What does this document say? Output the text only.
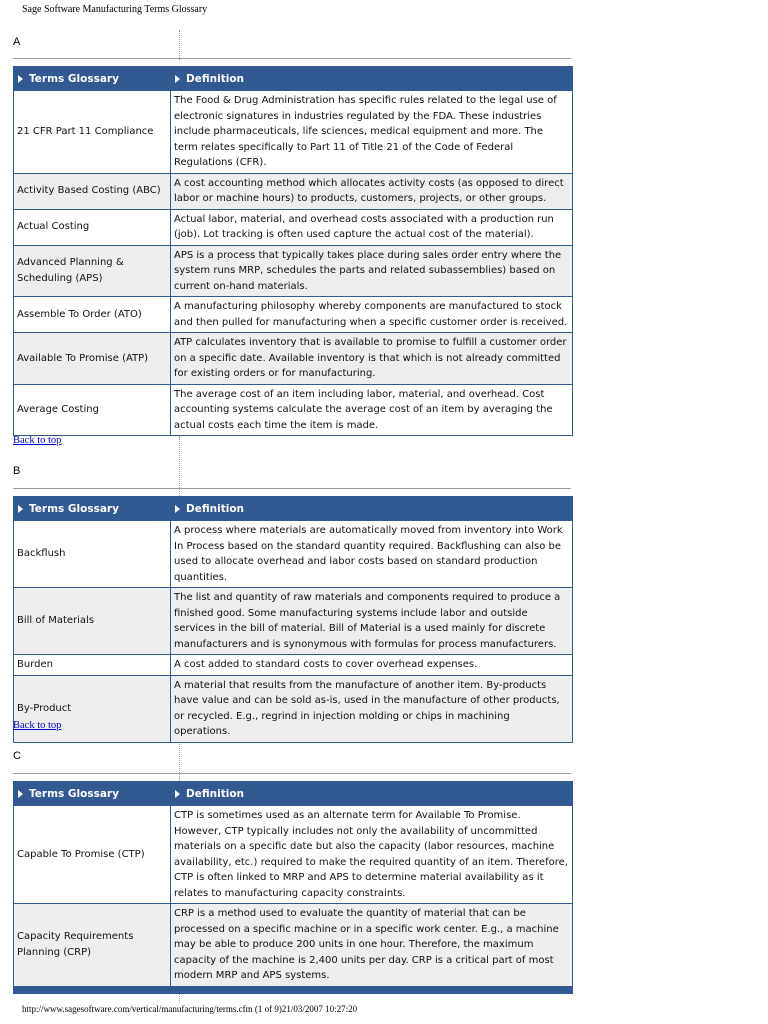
Sage Software Manufacturing Terms Glossary
A
Terms Glossary	Definition
21 CFR Part 11 Compliance	The Food & Drug Administration has specific rules related to the legal use of electronic signatures in industries regulated by the FDA. These industries include pharmaceuticals, life sciences, medical equipment and more. The term relates specifically to Part 11 of Title 21 of the Code of Federal Regulations (CFR).
Activity Based Costing (ABC)	A cost accounting method which allocates activity costs (as opposed to direct labor or machine hours) to products, customers, projects, or other groups.
Actual Costing	Actual labor, material, and overhead costs associated with a production run (job). Lot tracking is often used capture the actual cost of the material).
Advanced Planning & Scheduling (APS)	APS is a process that typically takes place during sales order entry where the system runs MRP, schedules the parts and related subassemblies) based on current on-hand materials.
Assemble To Order (ATO)	A manufacturing philosophy whereby components are manufactured to stock and then pulled for manufacturing when a specific customer order is received.
Available To Promise (ATP)	ATP calculates inventory that is available to promise to fulfill a customer order on a specific date. Available inventory is that which is not already committed for existing orders or for manufacturing.
Average Costing	The average cost of an item including labor, material, and overhead. Cost accounting systems calculate the average cost of an item by averaging the actual costs each time the item is made.
Back to top
B
Terms Glossary	Definition
Backflush	A process where materials are automatically moved from inventory into Work In Process based on the standard quantity required. Backflushing can also be used to allocate overhead and labor costs based on standard production quantities.
Bill of Materials	The list and quantity of raw materials and components required to produce a finished good. Some manufacturing systems include labor and outside services in the bill of material. Bill of Material is a used mainly for discrete manufacturers and is synonymous with formulas for process manufacturers.
Burden	A cost added to standard costs to cover overhead expenses.
By-Product	A material that results from the manufacture of another item. By-products have value and can be sold as-is, used in the manufacture of other products, or recycled. E.g., regrind in injection molding or chips in machining operations.
Back to top
C
Terms Glossary	Definition
Capable To Promise (CTP)	CTP is sometimes used as an alternate term for Available To Promise. However, CTP typically includes not only the availability of uncommitted materials on a specific date but also the capacity (labor resources, machine availability, etc.) required to make the required quantity of an item. Therefore, CTP is often linked to MRP and APS to determine material availability as it relates to manufacturing capacity constraints.
Capacity Requirements Planning (CRP)	CRP is a method used to evaluate the quantity of material that can be processed on a specific machine or in a specific work center. E.g., a machine may be able to produce 200 units in one hour. Therefore, the maximum capacity of the machine is 2,400 units per day. CRP is a critical part of most modern MRP and APS systems.

http://www.sagesoftware.com/vertical/manufacturing/terms.cfm (1 of 9)21/03/2007 10:27:20
